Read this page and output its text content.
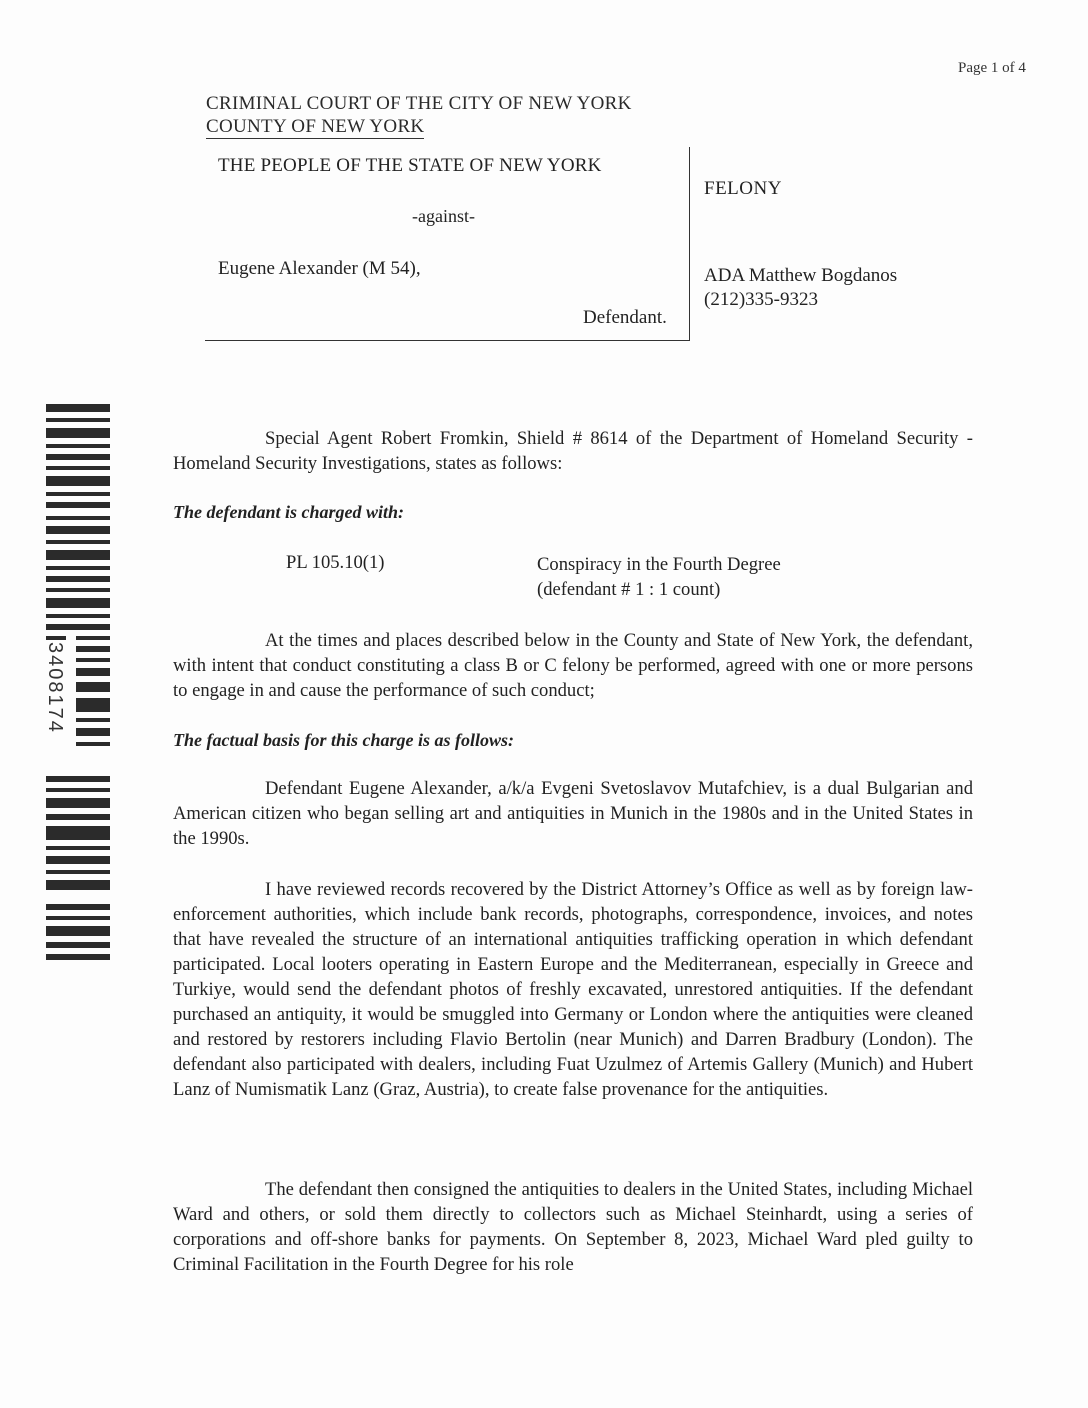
Page 1 of 4
CRIMINAL COURT OF THE CITY OF NEW YORK
COUNTY OF NEW YORK
THE PEOPLE OF THE STATE OF NEW YORK
-against-
Eugene Alexander (M 54),
Defendant.
FELONY
ADA Matthew Bogdanos
(212)335-9323
3408174

Special Agent Robert Fromkin, Shield # 8614 of the Department of Homeland Security - Homeland Security Investigations, states as follows:

The defendant is charged with:
PL 105.10(1)	Conspiracy in the Fourth Degree
(defendant # 1 : 1 count)

At the times and places described below in the County and State of New York, the defendant, with intent that conduct constituting a class B or C felony be performed, agreed with one or more persons to engage in and cause the performance of such conduct;

The factual basis for this charge is as follows:

Defendant Eugene Alexander, a/k/a Evgeni Svetoslavov Mutafchiev, is a dual Bulgarian and American citizen who began selling art and antiquities in Munich in the 1980s and in the United States in the 1990s.

I have reviewed records recovered by the District Attorney’s Office as well as by foreign law-enforcement authorities, which include bank records, photographs, correspondence, invoices, and notes that have revealed the structure of an international antiquities trafficking operation in which defendant participated. Local looters operating in Eastern Europe and the Mediterranean, especially in Greece and Turkiye, would send the defendant photos of freshly excavated, unrestored antiquities. If the defendant purchased an antiquity, it would be smuggled into Germany or London where the antiquities were cleaned and restored by restorers including Flavio Bertolin (near Munich) and Darren Bradbury (London). The defendant also participated with dealers, including Fuat Uzulmez of Artemis Gallery (Munich) and Hubert Lanz of Numismatik Lanz (Graz, Austria), to create false provenance for the antiquities.

The defendant then consigned the antiquities to dealers in the United States, including Michael Ward and others, or sold them directly to collectors such as Michael Steinhardt, using a series of corporations and off-shore banks for payments. On September 8, 2023, Michael Ward pled guilty to Criminal Facilitation in the Fourth Degree for his role
